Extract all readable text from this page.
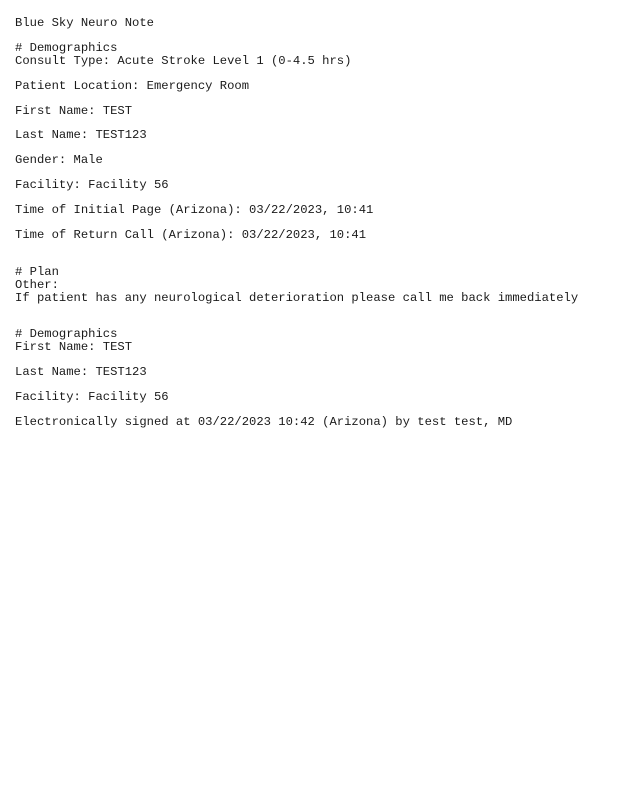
Blue Sky Neuro Note
# Demographics
Consult Type: Acute Stroke Level 1 (0-4.5 hrs)
Patient Location: Emergency Room
First Name: TEST
Last Name: TEST123
Gender: Male
Facility: Facility 56
Time of Initial Page (Arizona): 03/22/2023, 10:41
Time of Return Call (Arizona): 03/22/2023, 10:41
# Plan
Other:
If patient has any neurological deterioration please call me back immediately
# Demographics
First Name: TEST
Last Name: TEST123
Facility: Facility 56
Electronically signed at 03/22/2023 10:42 (Arizona) by test test, MD
